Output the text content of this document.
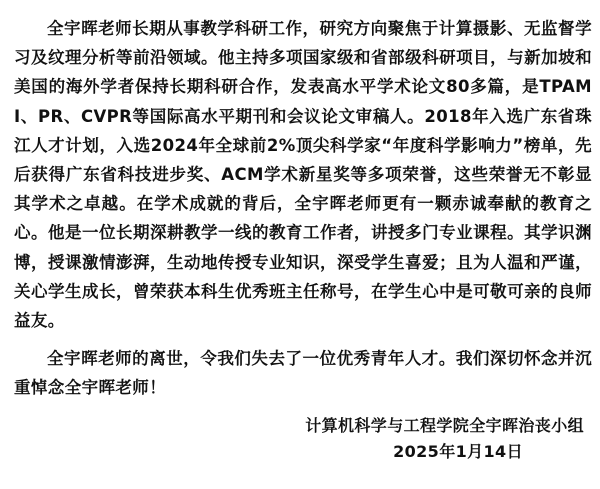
全宇晖老师长期从事教学科研工作，研究方向聚焦于计算摄影、无监督学习及纹理分析等前沿领域。他主持多项国家级和省部级科研项目，与新加坡和美国的海外学者保持长期科研合作，发表高水平学术论文80多篇，是TPAMI、PR、CVPR等国际高水平期刊和会议论文审稿人。2018年入选广东省珠江人才计划，入选2024年全球前2%顶尖科学家“年度科学影响力”榜单，先后获得广东省科技进步奖、ACM学术新星奖等多项荣誉，这些荣誉无不彰显其学术之卓越。在学术成就的背后，全宇晖老师更有一颗赤诚奉献的教育之心。他是一位长期深耕教学一线的教育工作者，讲授多门专业课程。其学识渊博，授课激情澎湃，生动地传授专业知识，深受学生喜爱；且为人温和严谨，关心学生成长，曾荣获本科生优秀班主任称号，在学生心中是可敬可亲的良师益友。

全宇晖老师的离世，令我们失去了一位优秀青年人才。我们深切怀念并沉重悼念全宇晖老师！

计算机科学与工程学院全宇晖治丧小组
2025年1月14日
